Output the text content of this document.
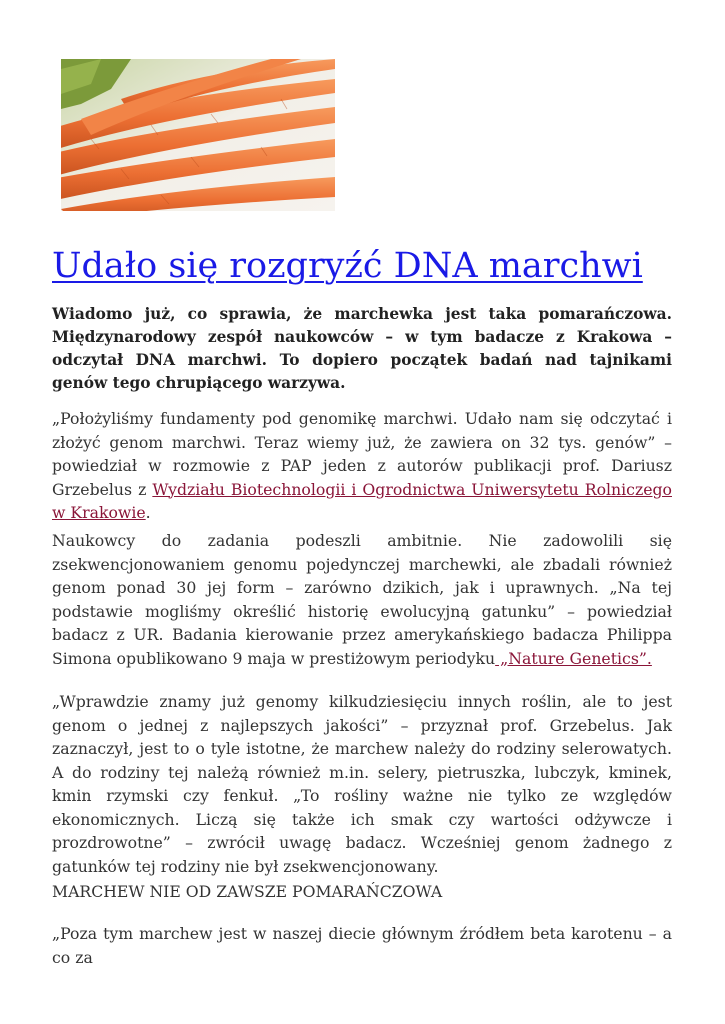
Udało się rozgryźć DNA marchwi

Wiadomo już, co sprawia, że marchewka jest taka pomarańczowa. Międzynarodowy zespół naukowców – w tym badacze z Krakowa – odczytał DNA marchwi. To dopiero początek badań nad tajnikami genów tego chrupiącego warzywa.

„Położyliśmy fundamenty pod genomikę marchwi. Udało nam się odczytać i złożyć genom marchwi. Teraz wiemy już, że zawiera on 32 tys. genów” – powiedział w rozmowie z PAP jeden z autorów publikacji prof. Dariusz Grzebelus z Wydziału Biotechnologii i Ogrodnictwa Uniwersytetu Rolniczego w Krakowie.

Naukowcy do zadania podeszli ambitnie. Nie zadowolili się zsekwencjonowaniem genomu pojedynczej marchewki, ale zbadali również genom ponad 30 jej form – zarówno dzikich, jak i uprawnych. „Na tej podstawie mogliśmy określić historię ewolucyjną gatunku” – powiedział badacz z UR. Badania kierowanie przez amerykańskiego badacza Philippa Simona opublikowano 9 maja w prestiżowym periodyku „Nature Genetics”.

„Wprawdzie znamy już genomy kilkudziesięciu innych roślin, ale to jest genom o jednej z najlepszych jakości” – przyznał prof. Grzebelus. Jak zaznaczył, jest to o tyle istotne, że marchew należy do rodziny selerowatych. A do rodziny tej należą również m.in. selery, pietruszka, lubczyk, kminek, kmin rzymski czy fenkuł. „To rośliny ważne nie tylko ze względów ekonomicznych. Liczą się także ich smak czy wartości odżywcze i prozdrowotne” – zwrócił uwagę badacz. Wcześniej genom żadnego z gatunków tej rodziny nie był zsekwencjonowany.

MARCHEW NIE OD ZAWSZE POMARAŃCZOWA

„Poza tym marchew jest w naszej diecie głównym źródłem beta karotenu – a co za
